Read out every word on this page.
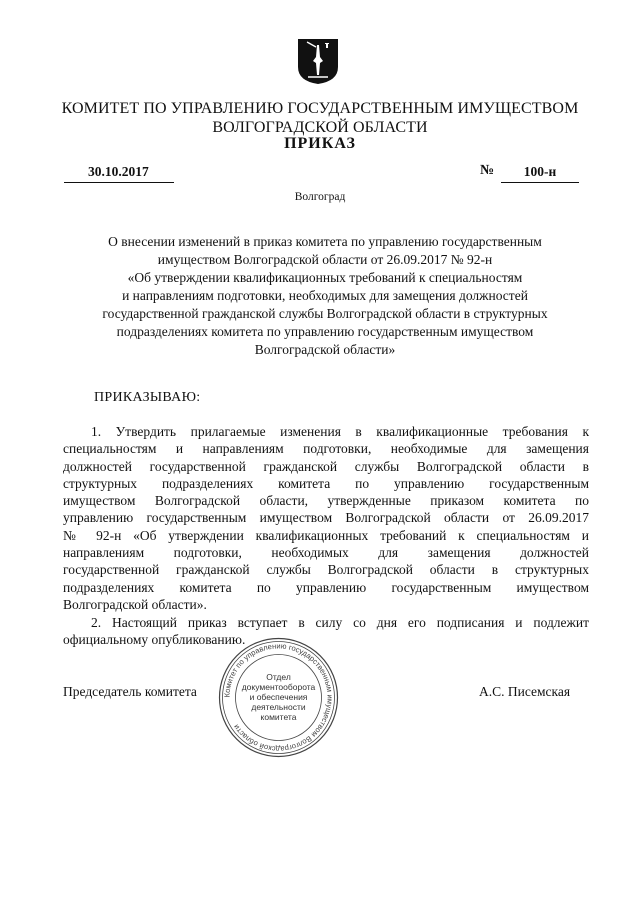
КОМИТЕТ ПО УПРАВЛЕНИЮ ГОСУДАРСТВЕННЫМ ИМУЩЕСТВОМ
ВОЛГОГРАДСКОЙ ОБЛАСТИ
ПРИКАЗ
30.10.2017	№	100-н
Волгоград
О внесении изменений в приказ комитета по управлению государственным
имуществом Волгоградской области от 26.09.2017 № 92-н
«Об утверждении квалификационных требований к специальностям
и направлениям подготовки, необходимых для замещения должностей
государственной гражданской службы Волгоградской области в структурных
подразделениях комитета по управлению государственным имуществом
Волгоградской области»
ПРИКАЗЫВАЮ:
1. Утвердить прилагаемые изменения в квалификационные требования к
специальностям и направлениям подготовки, необходимые для замещения
должностей государственной гражданской службы Волгоградской области в
структурных подразделениях комитета по управлению государственным
имуществом Волгоградской области, утвержденные приказом комитета по
управлению государственным имуществом Волгоградской области от 26.09.2017
№ 92-н «Об утверждении квалификационных требований к специальностям и
направлениям подготовки, необходимых для замещения должностей
государственной гражданской службы Волгоградской области в структурных
подразделениях комитета по управлению государственным имуществом
Волгоградской области».
2. Настоящий приказ вступает в силу со дня его подписания и подлежит
официальному опубликованию.
Комитет по управлению государственным имуществом Волгоградской области
Отдел
документооборота
и обеспечения
деятельности
комитета
Председатель комитета	А.С. Писемская
